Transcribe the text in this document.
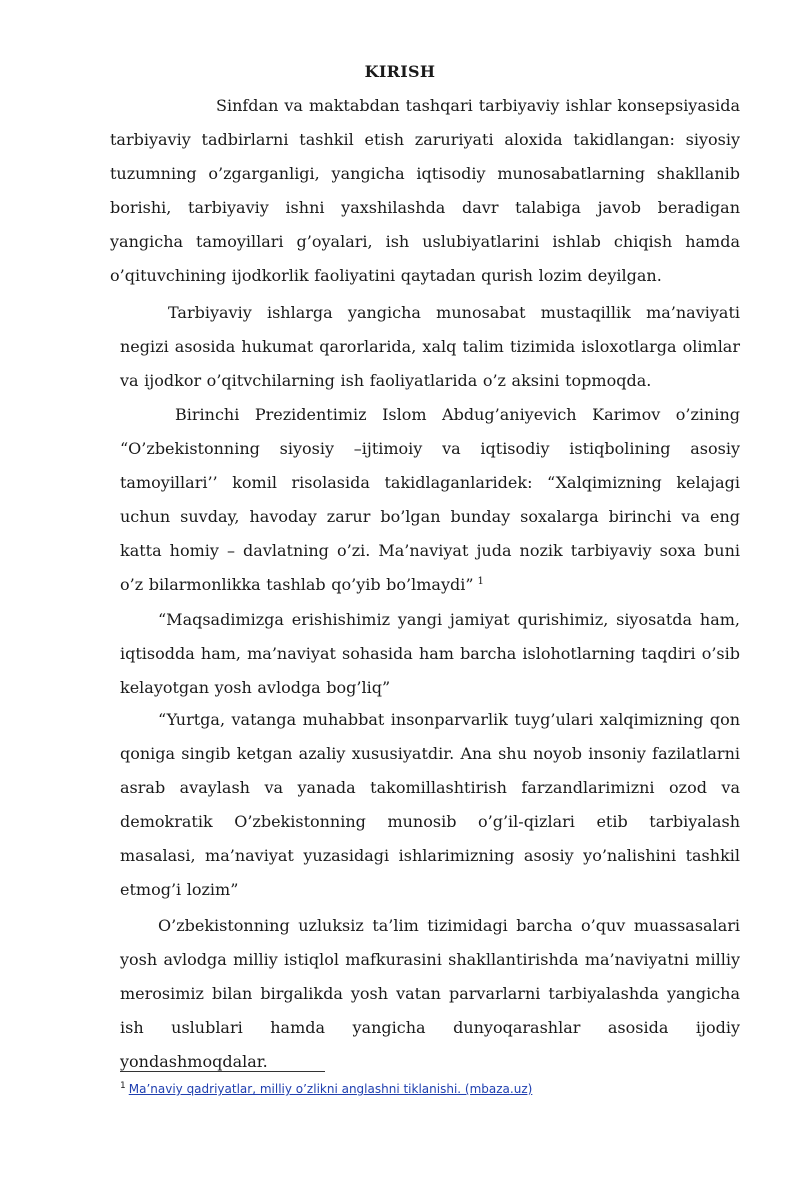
KIRISH

Sinfdan va maktabdan tashqari tarbiyaviy ishlar konsepsiyasida tarbiyaviy tadbirlarni tashkil etish zaruriyati aloxida takidlangan: siyosiy tuzumning o’zgarganligi, yangicha iqtisodiy munosabatlarning shakllanib borishi, tarbiyaviy ishni yaxshilashda davr talabiga javob beradigan yangicha tamoyillari g’oyalari, ish uslubiyatlarini ishlab chiqish hamda o’qituvchining ijodkorlik faoliyatini qaytadan qurish lozim deyilgan.

Tarbiyaviy ishlarga yangicha munosabat mustaqillik ma’naviyati negizi asosida hukumat qarorlarida, xalq talim tizimida isloxotlarga olimlar va ijodkor o’qitvchilarning ish faoliyatlarida o’z aksini topmoqda.

Birinchi Prezidentimiz Islom Abdug’aniyevich Karimov o’zining “O’zbekistonning siyosiy –ijtimoiy va iqtisodiy istiqbolining asosiy tamoyillari’’ komil risolasida takidlaganlaridek: “Xalqimizning kelajagi uchun suvday, havoday zarur bo’lgan bunday soxalarga birinchi va eng katta homiy – davlatning o’zi. Ma’naviyat juda nozik tarbiyaviy soxa buni o’z bilarmonlikka tashlab qo’yib bo’lmaydi” $^1$

“Maqsadimizga erishishimiz yangi jamiyat qurishimiz, siyosatda ham, iqtisodda ham, ma’naviyat sohasida ham barcha islohotlarning taqdiri o’sib kelayotgan yosh avlodga bog’liq”

“Yurtga, vatanga muhabbat insonparvarlik tuyg’ulari xalqimizning qon qoniga singib ketgan azaliy xususiyatdir. Ana shu noyob insoniy fazilatlarni asrab avaylash va yanada takomillashtirish farzandlarimizni ozod va demokratik O’zbekistonning munosib o’g’il-qizlari etib tarbiyalash masalasi, ma’naviyat yuzasidagi ishlarimizning asosiy yo’nalishini tashkil etmog’i lozim”

O’zbekistonning uzluksiz ta’lim tizimidagi barcha o’quv muassasalari yosh avlodga milliy istiqlol mafkurasini shakllantirishda ma’naviyatni milliy merosimiz bilan birgalikda yosh vatan parvarlarni tarbiyalashda yangicha ish uslublari hamda yangicha dunyoqarashlar asosida ijodiy yondashmoqdalar.

$^1$ Ma’naviy qadriyatlar, milliy o’zlikni anglashni tiklanishi. (mbaza.uz)
